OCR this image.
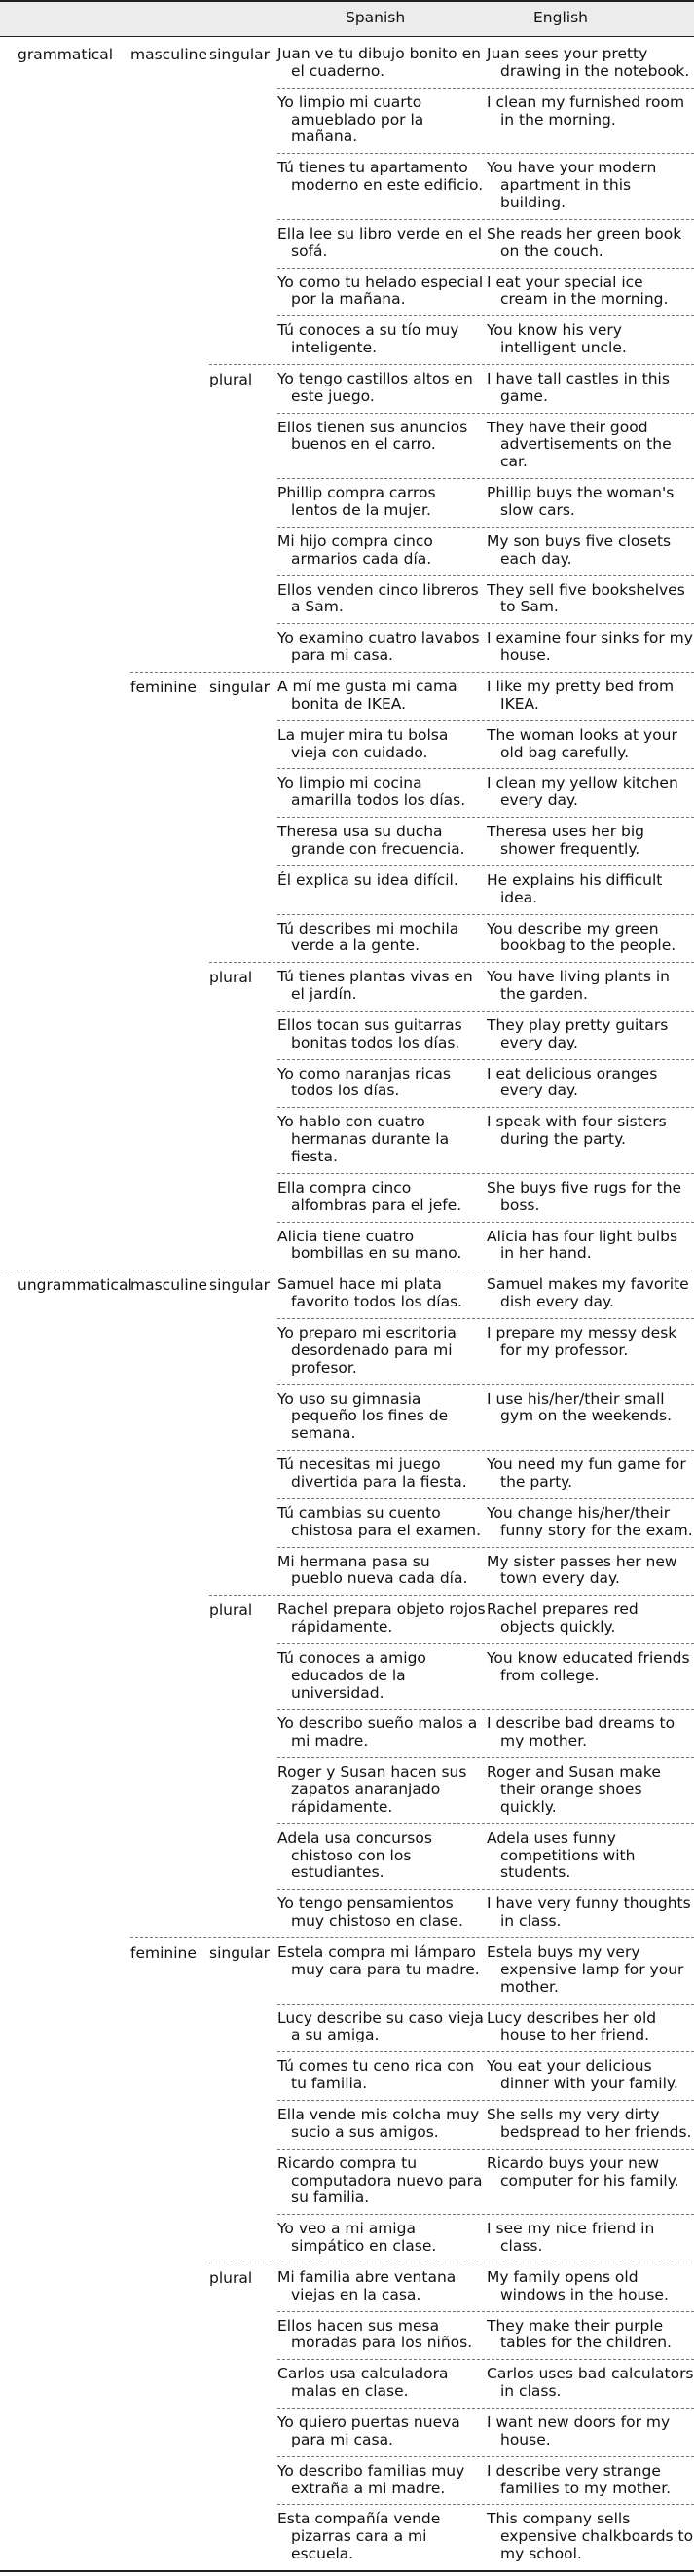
Spanish	English
grammatical masculine singular Juan ve tu dibujo bonito en el cuaderno.
Juan sees your pretty drawing in the notebook.
Yo limpio mi cuarto amueblado por la mañana.
I clean my furnished room in the morning.
Tú tienes tu apartamento moderno en este edificio.
You have your modern apartment in this building.
Ella lee su libro verde en el sofá.
She reads her green book on the couch.
Yo como tu helado especial por la mañana.
I eat your special ice cream in the morning.
Tú conoces a su tío muy inteligente.
You know his very intelligent uncle.
plural Yo tengo castillos altos en este juego.
I have tall castles in this game.
Ellos tienen sus anuncios buenos en el carro.
They have their good advertisements on the car.
Phillip compra carros lentos de la mujer.
Phillip buys the woman's slow cars.
Mi hijo compra cinco armarios cada día.
My son buys five closets each day.
Ellos venden cinco libreros a Sam.
They sell five bookshelves to Sam.
Yo examino cuatro lavabos para mi casa.
I examine four sinks for my house.
feminine singular A mí me gusta mi cama bonita de IKEA.
I like my pretty bed from IKEA.
La mujer mira tu bolsa vieja con cuidado.
The woman looks at your old bag carefully.
Yo limpio mi cocina amarilla todos los días.
I clean my yellow kitchen every day.
Theresa usa su ducha grande con frecuencia.
Theresa uses her big shower frequently.
Él explica su idea difícil.	He explains his difficult idea.
Tú describes mi mochila verde a la gente.
You describe my green bookbag to the people.
plural Tú tienes plantas vivas en el jardín.
You have living plants in the garden.
Ellos tocan sus guitarras bonitas todos los días.
They play pretty guitars every day.
Yo como naranjas ricas todos los días.
I eat delicious oranges every day.
Yo hablo con cuatro hermanas durante la fiesta.
I speak with four sisters during the party.
Ella compra cinco alfombras para el jefe.
She buys five rugs for the boss.
Alicia tiene cuatro bombillas en su mano.
Alicia has four light bulbs in her hand.
ungrammatical
masculine singular Samuel hace mi plata favorito todos los días.
Samuel makes my favorite dish every day.
Yo preparo mi escritoria desordenado para mi profesor.
I prepare my messy desk for my professor.
Yo uso su gimnasia pequeño los fines de semana.
I use his/her/their small gym on the weekends.
Tú necesitas mi juego divertida para la fiesta.
You need my fun game for the party.
Tú cambias su cuento chistosa para el examen.
You change his/her/their funny story for the exam.
Mi hermana pasa su pueblo nueva cada día.
My sister passes her new town every day.
plural Rachel prepara objeto rojos rápidamente.
Rachel prepares red objects quickly.
Tú conoces a amigo educados de la universidad.
You know educated friends from college.
Yo describo sueño malos a mi madre.
I describe bad dreams to my mother.
Roger y Susan hacen sus zapatos anaranjado rápidamente.
Roger and Susan make their orange shoes quickly.
Adela usa concursos chistoso con los estudiantes.
Adela uses funny competitions with students.
Yo tengo pensamientos muy chistoso en clase.
I have very funny thoughts in class.
feminine singular Estela compra mi lámparo muy cara para tu madre.
Estela buys my very expensive lamp for your mother.
Lucy describe su caso vieja a su amiga.
Lucy describes her old house to her friend.
Tú comes tu ceno rica con tu familia.
You eat your delicious dinner with your family.
Ella vende mis colcha muy sucio a sus amigos.
She sells my very dirty bedspread to her friends.
Ricardo compra tu computadora nuevo para su familia.
Ricardo buys your new computer for his family.
Yo veo a mi amiga simpático en clase.
I see my nice friend in class.
plural Mi familia abre ventana viejas en la casa.
My family opens old windows in the house.
Ellos hacen sus mesa moradas para los niños.
They make their purple tables for the children.
Carlos usa calculadora malas en clase.
Carlos uses bad calculators in class.
Yo quiero puertas nueva para mi casa.
I want new doors for my house.
Yo describo familias muy extraña a mi madre.
I describe very strange families to my mother.
Esta compañía vende pizarras cara a mi escuela.
This company sells expensive chalkboards to my school.
